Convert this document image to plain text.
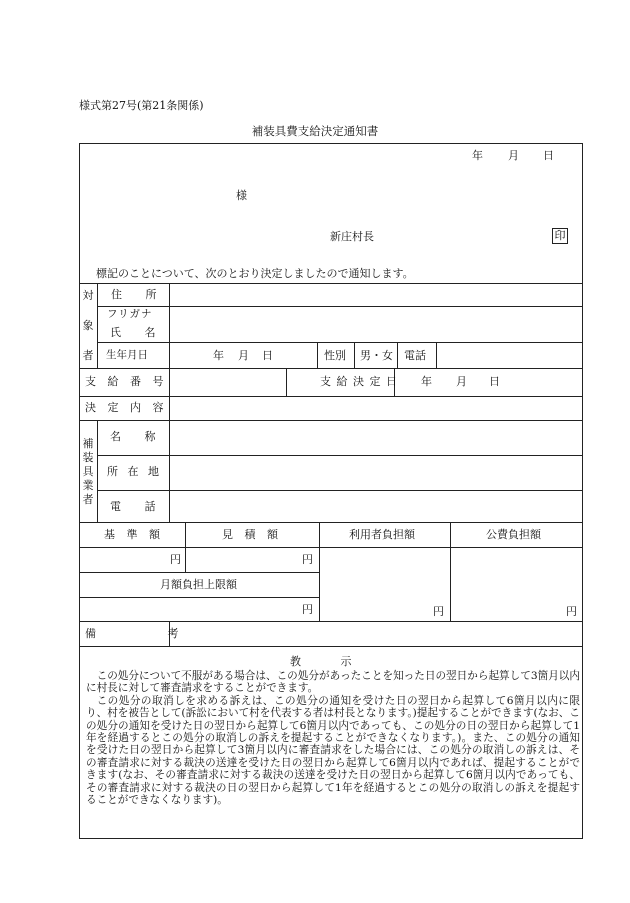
様式第27号(第21条関係)
補装具費支給決定通知書
年 月 日
様
新庄村長	印
標記のことについて、次のとおり決定しましたので通知します。
対
象
者
住 所
フリガナ
氏 名
生年月日	年 月 日	性別 男・女 電話
支 給 番 号	支 給 決 定 日 年 月 日
決 定 内 容
補
装
具
業
者
名 称
所 在 地
電 話
基 準 額	見 積 額	利用者負担額	公費負担額
円	円
月額負担上限額
円	円	円
備 考
教 示

この処分について不服がある場合は、この処分があったことを知った日の翌日から起算して3箇月以内に村長に対して審査請求をすることができます。

この処分の取消しを求める訴えは、この処分の通知を受けた日の翌日から起算して6箇月以内に限り、村を被告として(訴訟において村を代表する者は村長となります。)提起することができます(なお、この処分の通知を受けた日の翌日から起算して6箇月以内であっても、この処分の日の翌日から起算して1年を経過するとこの処分の取消しの訴えを提起することができなくなります。)。また、この処分の通知を受けた日の翌日から起算して3箇月以内に審査請求をした場合には、この処分の取消しの訴えは、その審査請求に対する裁決の送達を受けた日の翌日から起算して6箇月以内であれば、提起することができます(なお、その審査請求に対する裁決の送達を受けた日の翌日から起算して6箇月以内であっても、その審査請求に対する裁決の日の翌日から起算して1年を経過するとこの処分の取消しの訴えを提起することができなくなります)。
